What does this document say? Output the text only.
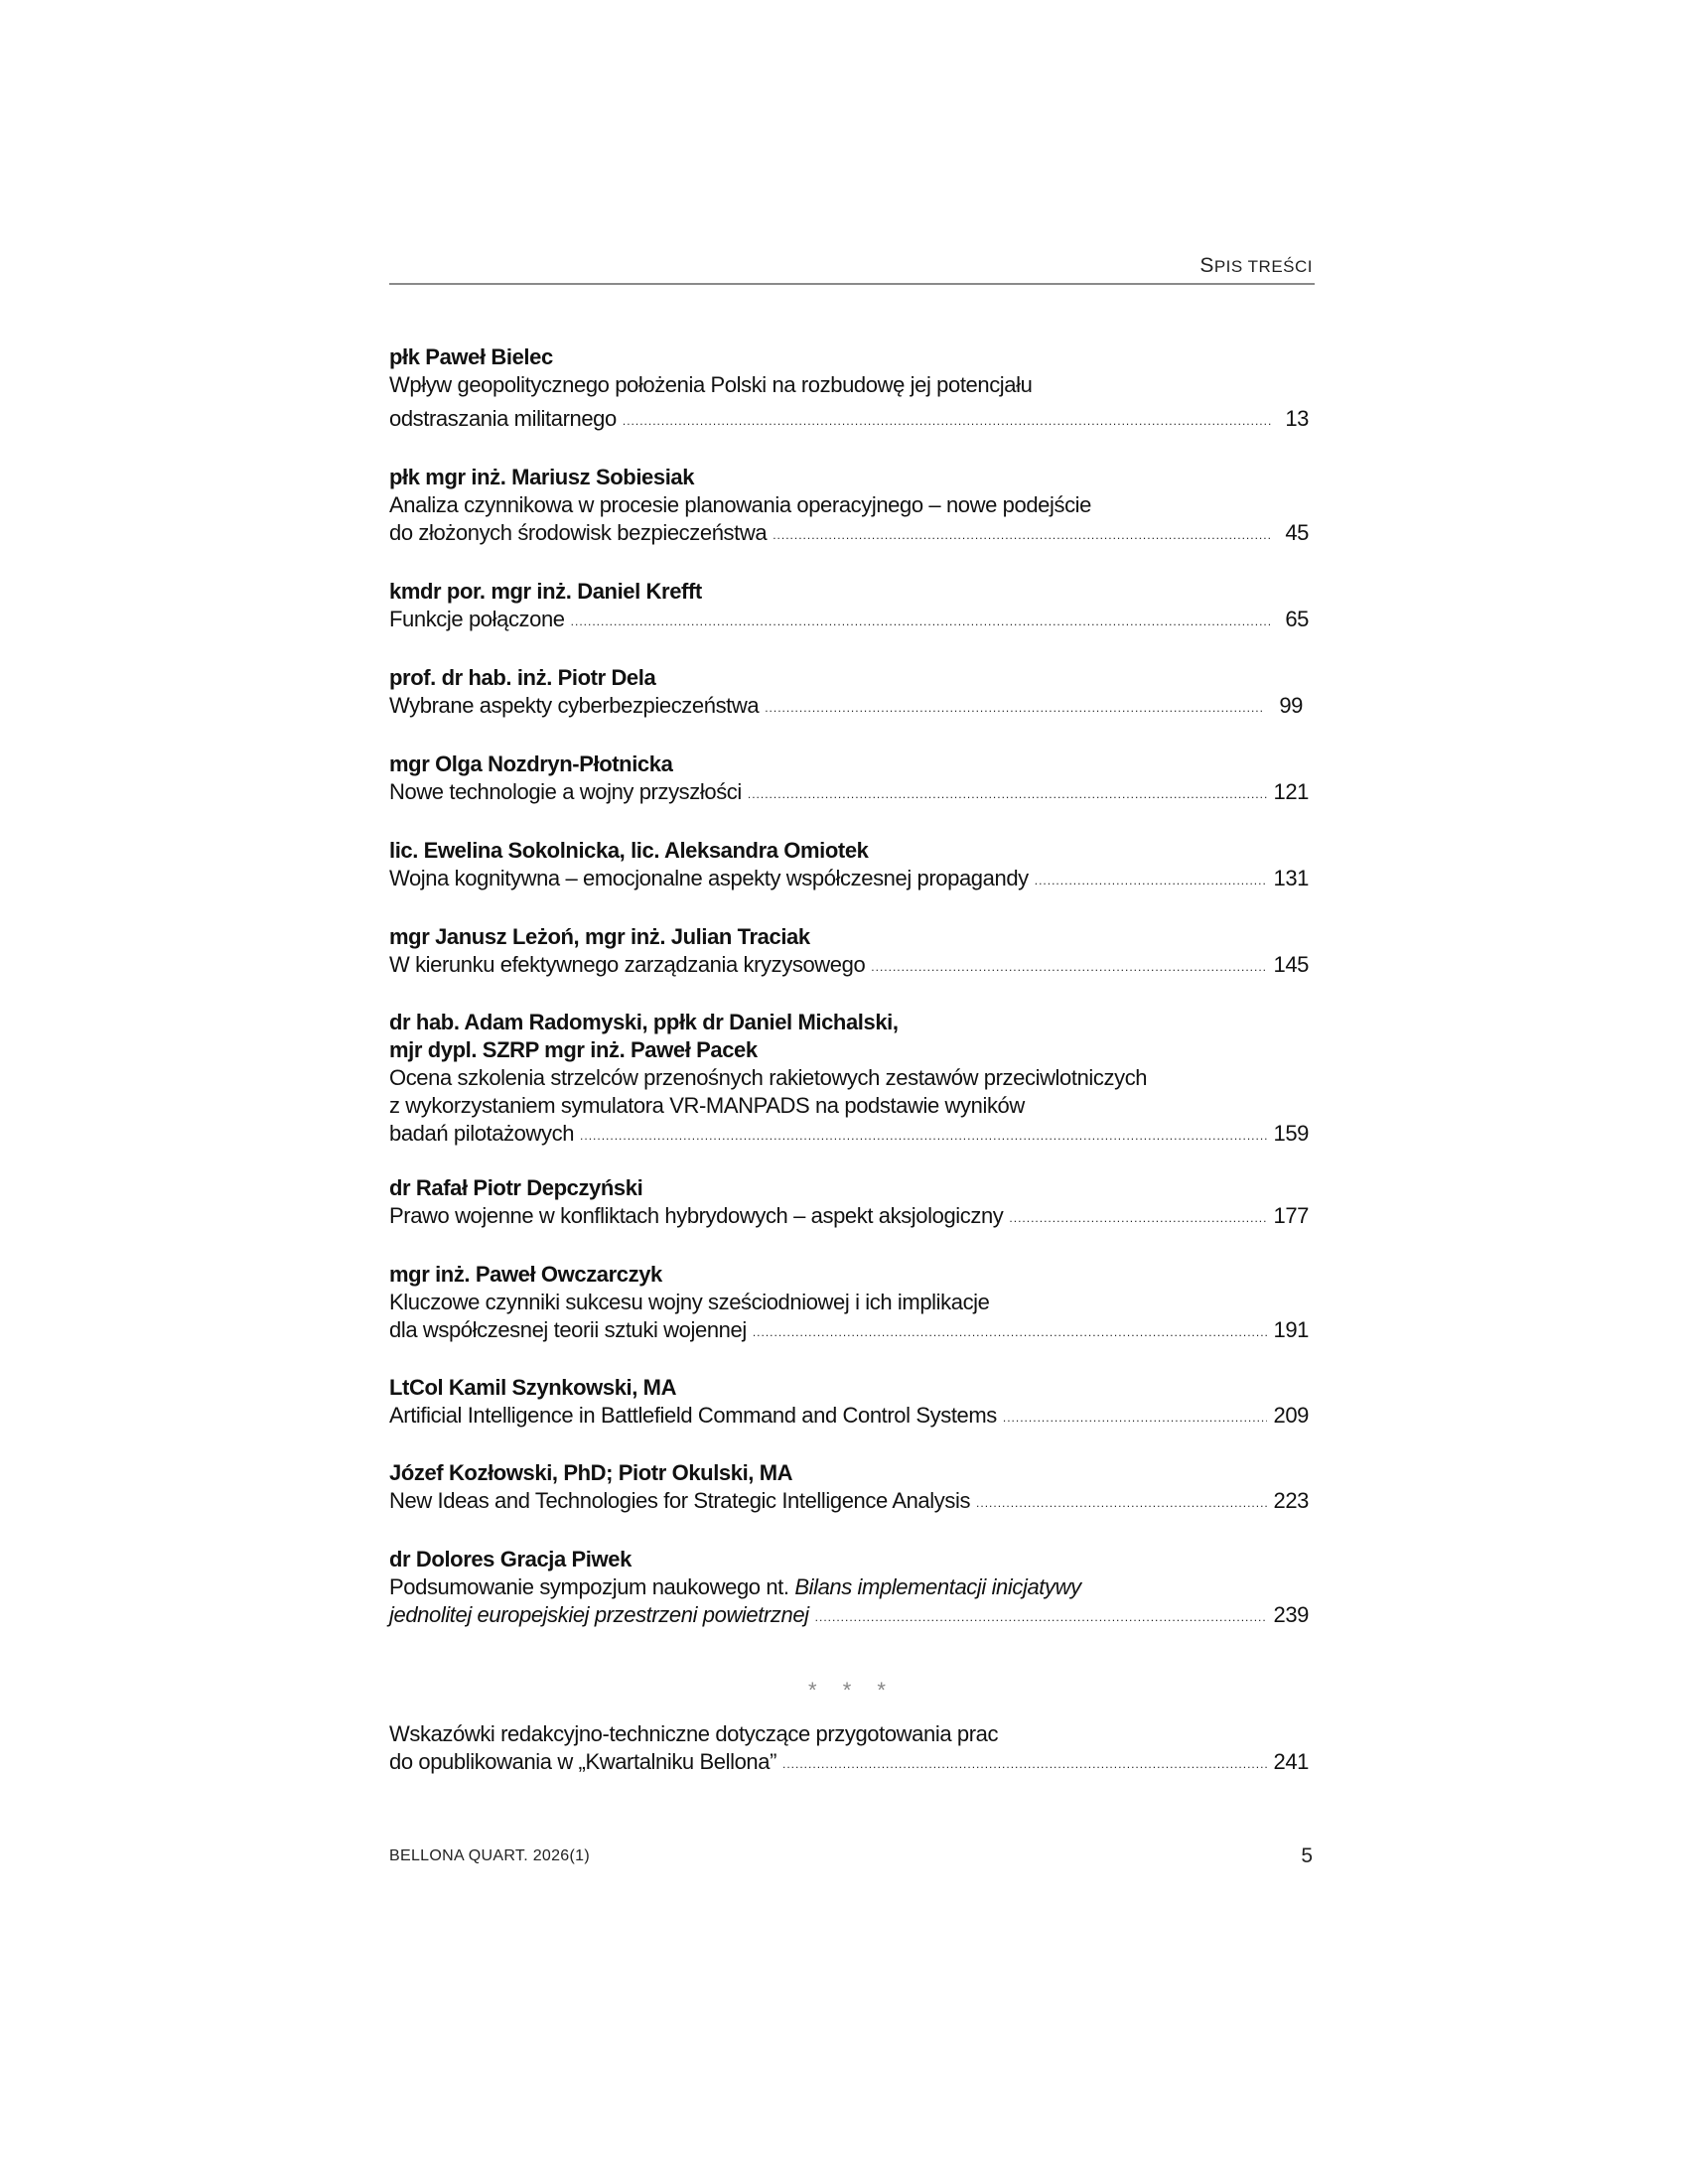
SPIS TREŚCI
płk Paweł Bielec
Wpływ geopolitycznego położenia Polski na rozbudowę jej potencjału
odstraszania militarnego .....	13
płk mgr inż. Mariusz Sobiesiak
Analiza czynnikowa w procesie planowania operacyjnego – nowe podejście
do złożonych środowisk bezpieczeństwa .....	45
kmdr por. mgr inż. Daniel Krefft
Funkcje połączone .....	65
prof. dr hab. inż. Piotr Dela
Wybrane aspekty cyberbezpieczeństwa .....	99
mgr Olga Nozdryn-Płotnicka
Nowe technologie a wojny przyszłości .....	121
lic. Ewelina Sokolnicka, lic. Aleksandra Omiotek
Wojna kognitywna – emocjonalne aspekty współczesnej propagandy .....	131
mgr Janusz Leżoń, mgr inż. Julian Traciak
W kierunku efektywnego zarządzania kryzysowego .....	145
dr hab. Adam Radomyski, ppłk dr Daniel Michalski,
mjr dypl. SZRP mgr inż. Paweł Pacek
Ocena szkolenia strzelców przenośnych rakietowych zestawów przeciwlotniczych
z wykorzystaniem symulatora VR-MANPADS na podstawie wyników
badań pilotażowych .....	159
dr Rafał Piotr Depczyński
Prawo wojenne w konfliktach hybrydowych – aspekt aksjologiczny .....	177
mgr inż. Paweł Owczarczyk
Kluczowe czynniki sukcesu wojny sześciodniowej i ich implikacje
dla współczesnej teorii sztuki wojennej .....	191
LtCol Kamil Szynkowski, MA
Artificial Intelligence in Battlefield Command and Control Systems .....	209
Józef Kozłowski, PhD; Piotr Okulski, MA
New Ideas and Technologies for Strategic Intelligence Analysis .....	223
dr Dolores Gracja Piwek
Podsumowanie sympozjum naukowego nt. Bilans implementacji inicjatywy
jednolitej europejskiej przestrzeni powietrznej .....	239
* * *
Wskazówki redakcyjno-techniczne dotyczące przygotowania prac
do opublikowania w „Kwartalniku Bellona” .....	241
BELLONA QUART. 2026(1)	5
